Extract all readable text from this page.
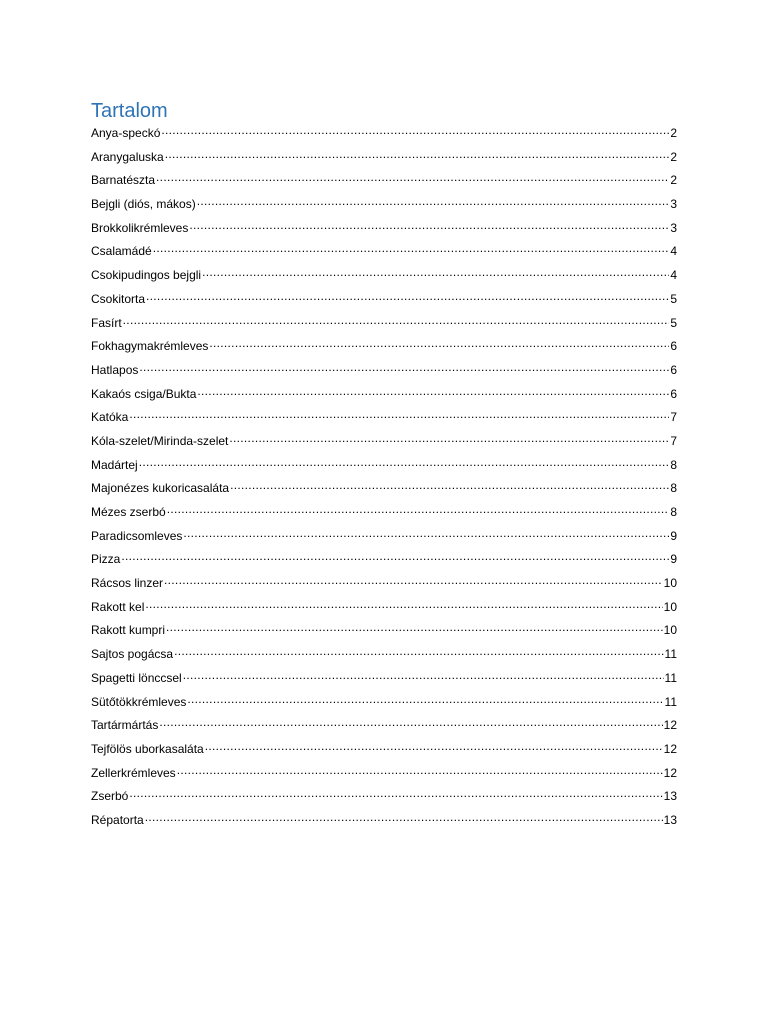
Tartalom
Anya-speckó .....	2
Aranygaluska .....	2
Barnatészta .....	2
Bejgli (diós, mákos) .....	3
Brokkolikrémleves .....	3
Csalamádé .....	4
Csokipudingos bejgli .....	4
Csokitorta .....	5
Fasírt .....	5
Fokhagymakrémleves .....	6
Hatlapos .....	6
Kakaós csiga/Bukta .....	6
Katóka .....	7
Kóla-szelet/Mirinda-szelet .....	7
Madártej .....	8
Majonézes kukoricasaláta .....	8
Mézes zserbó .....	8
Paradicsomleves .....	9
Pizza .....	9
Rácsos linzer .....	10
Rakott kel .....	10
Rakott kumpri .....	10
Sajtos pogácsa .....	11
Spagetti lönccsel .....	11
Sütőtökkrémleves .....	11
Tartármártás .....	12
Tejfölös uborkasaláta .....	12
Zellerkrémleves .....	12
Zserbó .....	13
Répatorta .....	13
